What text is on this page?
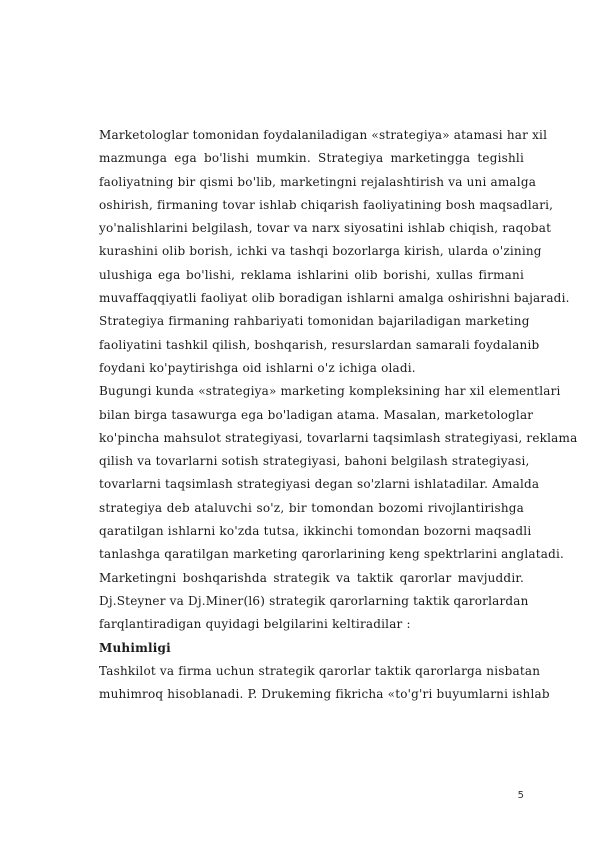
Marketologlar tomonidan foydalaniladigan «strategiya» atamasi har xil
mazmunga ega bo'lishi mumkin. Strategiya marketingga tegishli
faoliyatning bir qismi bo'lib, marketingni rejalashtirish va uni amalga
oshirish, firmaning tovar ishlab chiqarish faoliyatining bosh maqsadlari,
yo'nalishlarini belgilash, tovar va narx siyosatini ishlab chiqish, raqobat
kurashini olib borish, ichki va tashqi bozorlarga kirish, ularda o'zining
ulushiga ega bo'lishi, reklama ishlarini olib borishi, xullas firmani
muvaffaqqiyatli faoliyat olib boradigan ishlarni amalga oshirishni bajaradi.
Strategiya firmaning rahbariyati tomonidan bajariladigan marketing
faoliyatini tashkil qilish, boshqarish, resurslardan samarali foydalanib
foydani ko'paytirishga oid ishlarni o'z ichiga oladi.
Bugungi kunda «strategiya» marketing kompleksining har xil elementlari
bilan birga tasawurga ega bo'ladigan atama. Masalan, marketologlar
ko'pincha mahsulot strategiyasi, tovarlarni taqsimlash strategiyasi, reklama
qilish va tovarlarni sotish strategiyasi, bahoni belgilash strategiyasi,
tovarlarni taqsimlash strategiyasi degan so'zlarni ishlatadilar. Amalda
strategiya deb ataluvchi so'z, bir tomondan bozomi rivojlantirishga
qaratilgan ishlarni ko'zda tutsa, ikkinchi tomondan bozorni maqsadli
tanlashga qaratilgan marketing qarorlarining keng spektrlarini anglatadi.
Marketingni boshqarishda strategik va taktik qarorlar mavjuddir.
Dj.Steyner va Dj.Miner(l6) strategik qarorlarning taktik qarorlardan
farqlantiradigan quyidagi belgilarini keltiradilar :
Muhimligi
Tashkilot va firma uchun strategik qarorlar taktik qarorlarga nisbatan
muhimroq hisoblanadi. P. Drukeming fikricha «to'g'ri buyumlarni ishlab
5
